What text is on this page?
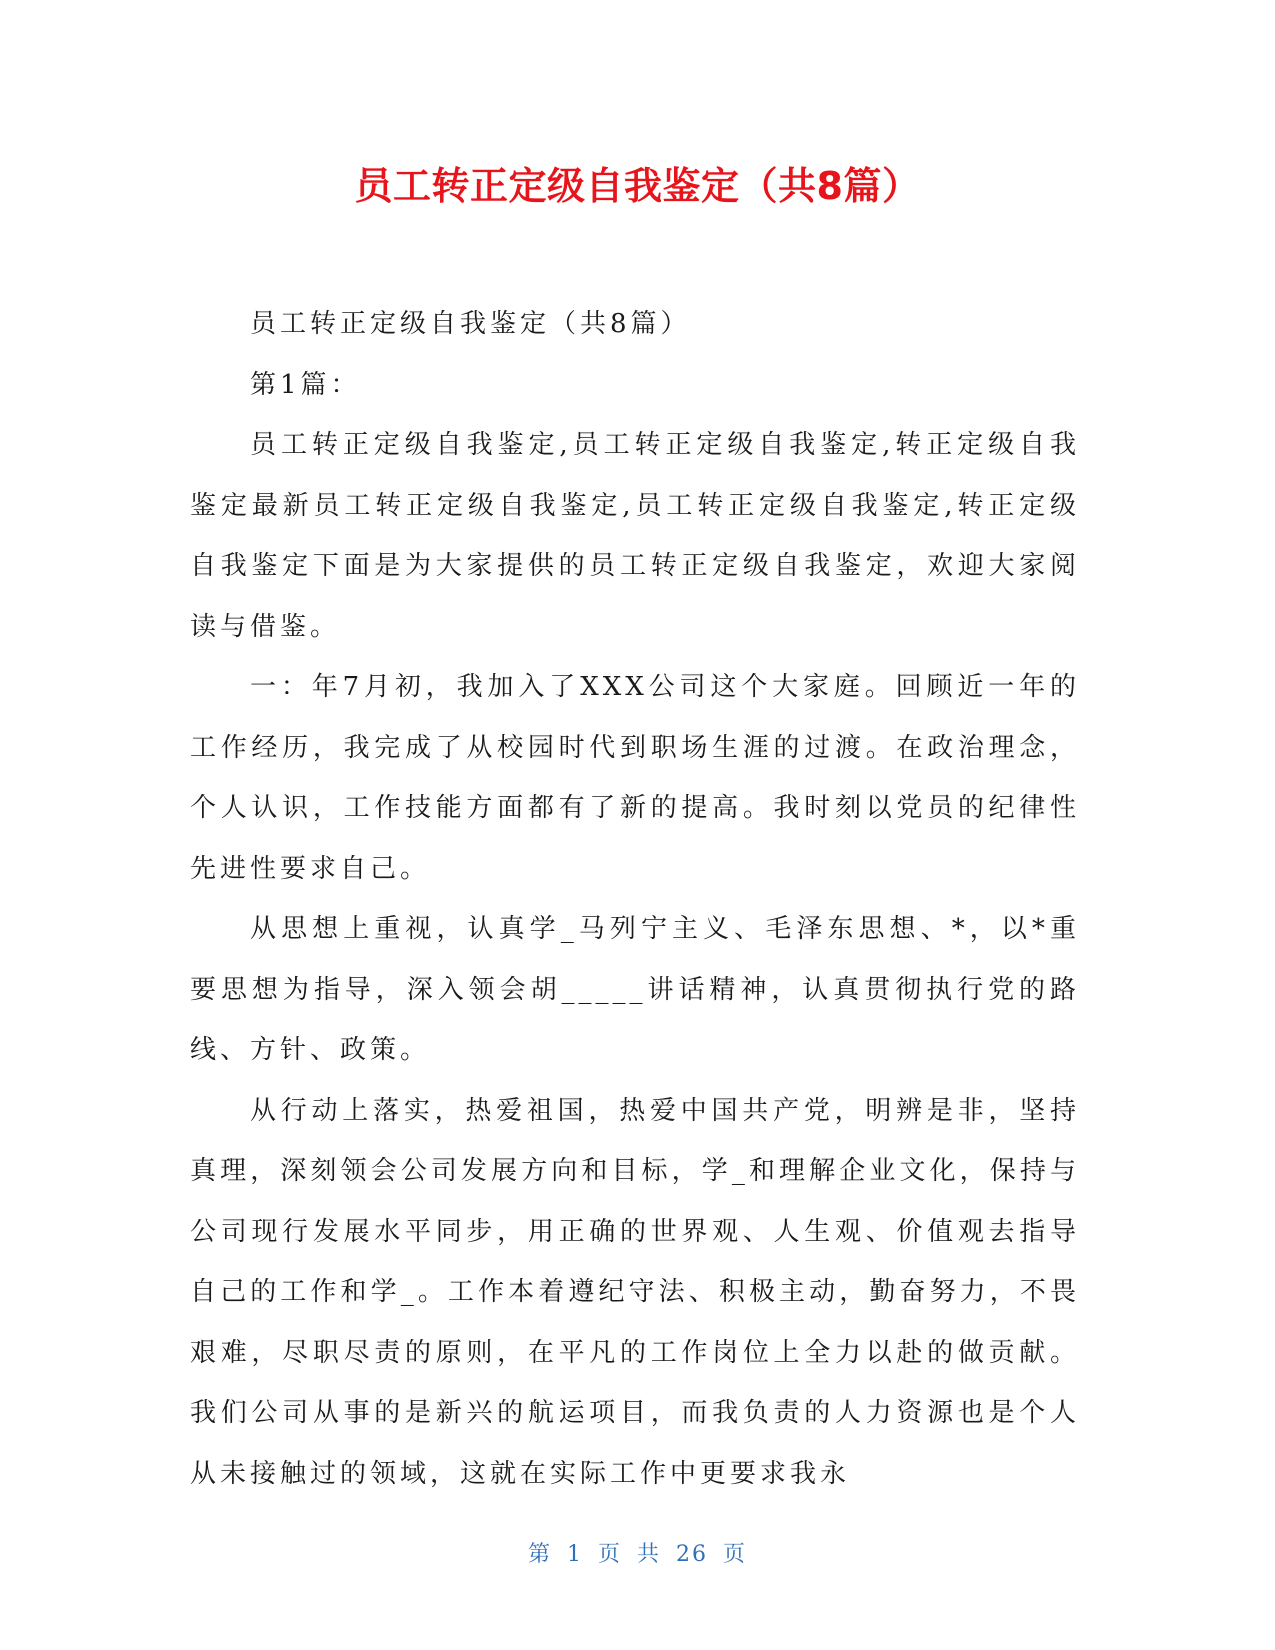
员工转正定级自我鉴定（共8篇）

员工转正定级自我鉴定（共8篇）

第1篇：

员工转正定级自我鉴定,员工转正定级自我鉴定,转正定级自我鉴定最新员工转正定级自我鉴定,员工转正定级自我鉴定,转正定级自我鉴定下面是为大家提供的员工转正定级自我鉴定，欢迎大家阅读与借鉴。

一：年7月初，我加入了XXX公司这个大家庭。回顾近一年的工作经历，我完成了从校园时代到职场生涯的过渡。在政治理念，个人认识，工作技能方面都有了新的提高。我时刻以党员的纪律性先进性要求自己。

从思想上重视，认真学_马列宁主义、毛泽东思想、*，以*重要思想为指导，深入领会胡_____讲话精神，认真贯彻执行党的路线、方针、政策。

从行动上落实，热爱祖国，热爱中国共产党，明辨是非，坚持真理，深刻领会公司发展方向和目标，学_和理解企业文化，保持与公司现行发展水平同步，用正确的世界观、人生观、价值观去指导自己的工作和学_。工作本着遵纪守法、积极主动，勤奋努力，不畏艰难，尽职尽责的原则，在平凡的工作岗位上全力以赴的做贡献。我们公司从事的是新兴的航运项目，而我负责的人力资源也是个人从未接触过的领域，这就在实际工作中更要求我永

第 1 页 共 26 页
